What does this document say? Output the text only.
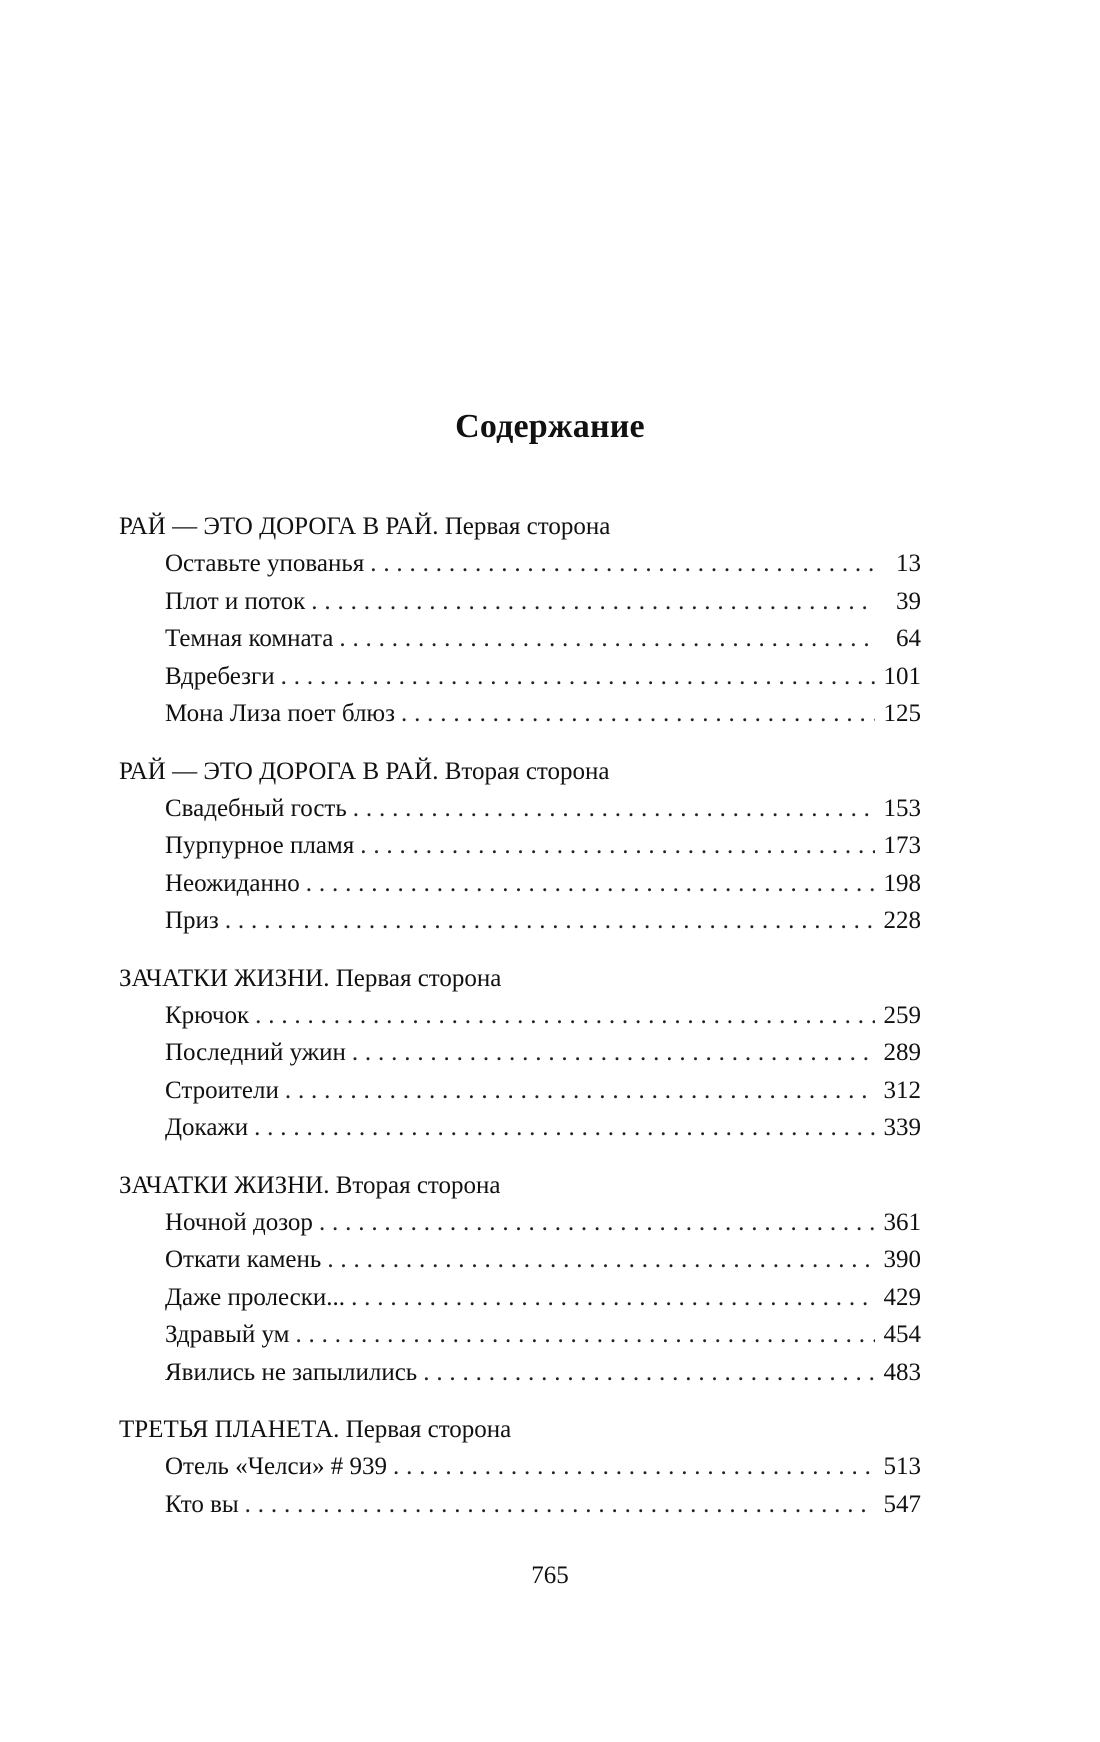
Содержание
РАЙ — ЭТО ДОРОГА В РАЙ. Первая сторона
Оставьте упованья . . .	13
Плот и поток . . .	39
Темная комната . . .	64
Вдребезги . . .	101
Мона Лиза поет блюз . . .	125
РАЙ — ЭТО ДОРОГА В РАЙ. Вторая сторона
Свадебный гость . . .	153
Пурпурное пламя . . .	173
Неожиданно . . .	198
Приз . . .	228
ЗАЧАТКИ ЖИЗНИ. Первая сторона
Крючок . . .	259
Последний ужин . . .	289
Строители . . .	312
Докажи . . .	339
ЗАЧАТКИ ЖИЗНИ. Вторая сторона
Ночной дозор . . .	361
Откати камень . . .	390
Даже пролески... . . .	429
Здравый ум . . .	454
Явились не запылились . . .	483
ТРЕТЬЯ ПЛАНЕТА. Первая сторона
Отель «Челси» # 939 . . .	513
Кто вы . . .	547
765
